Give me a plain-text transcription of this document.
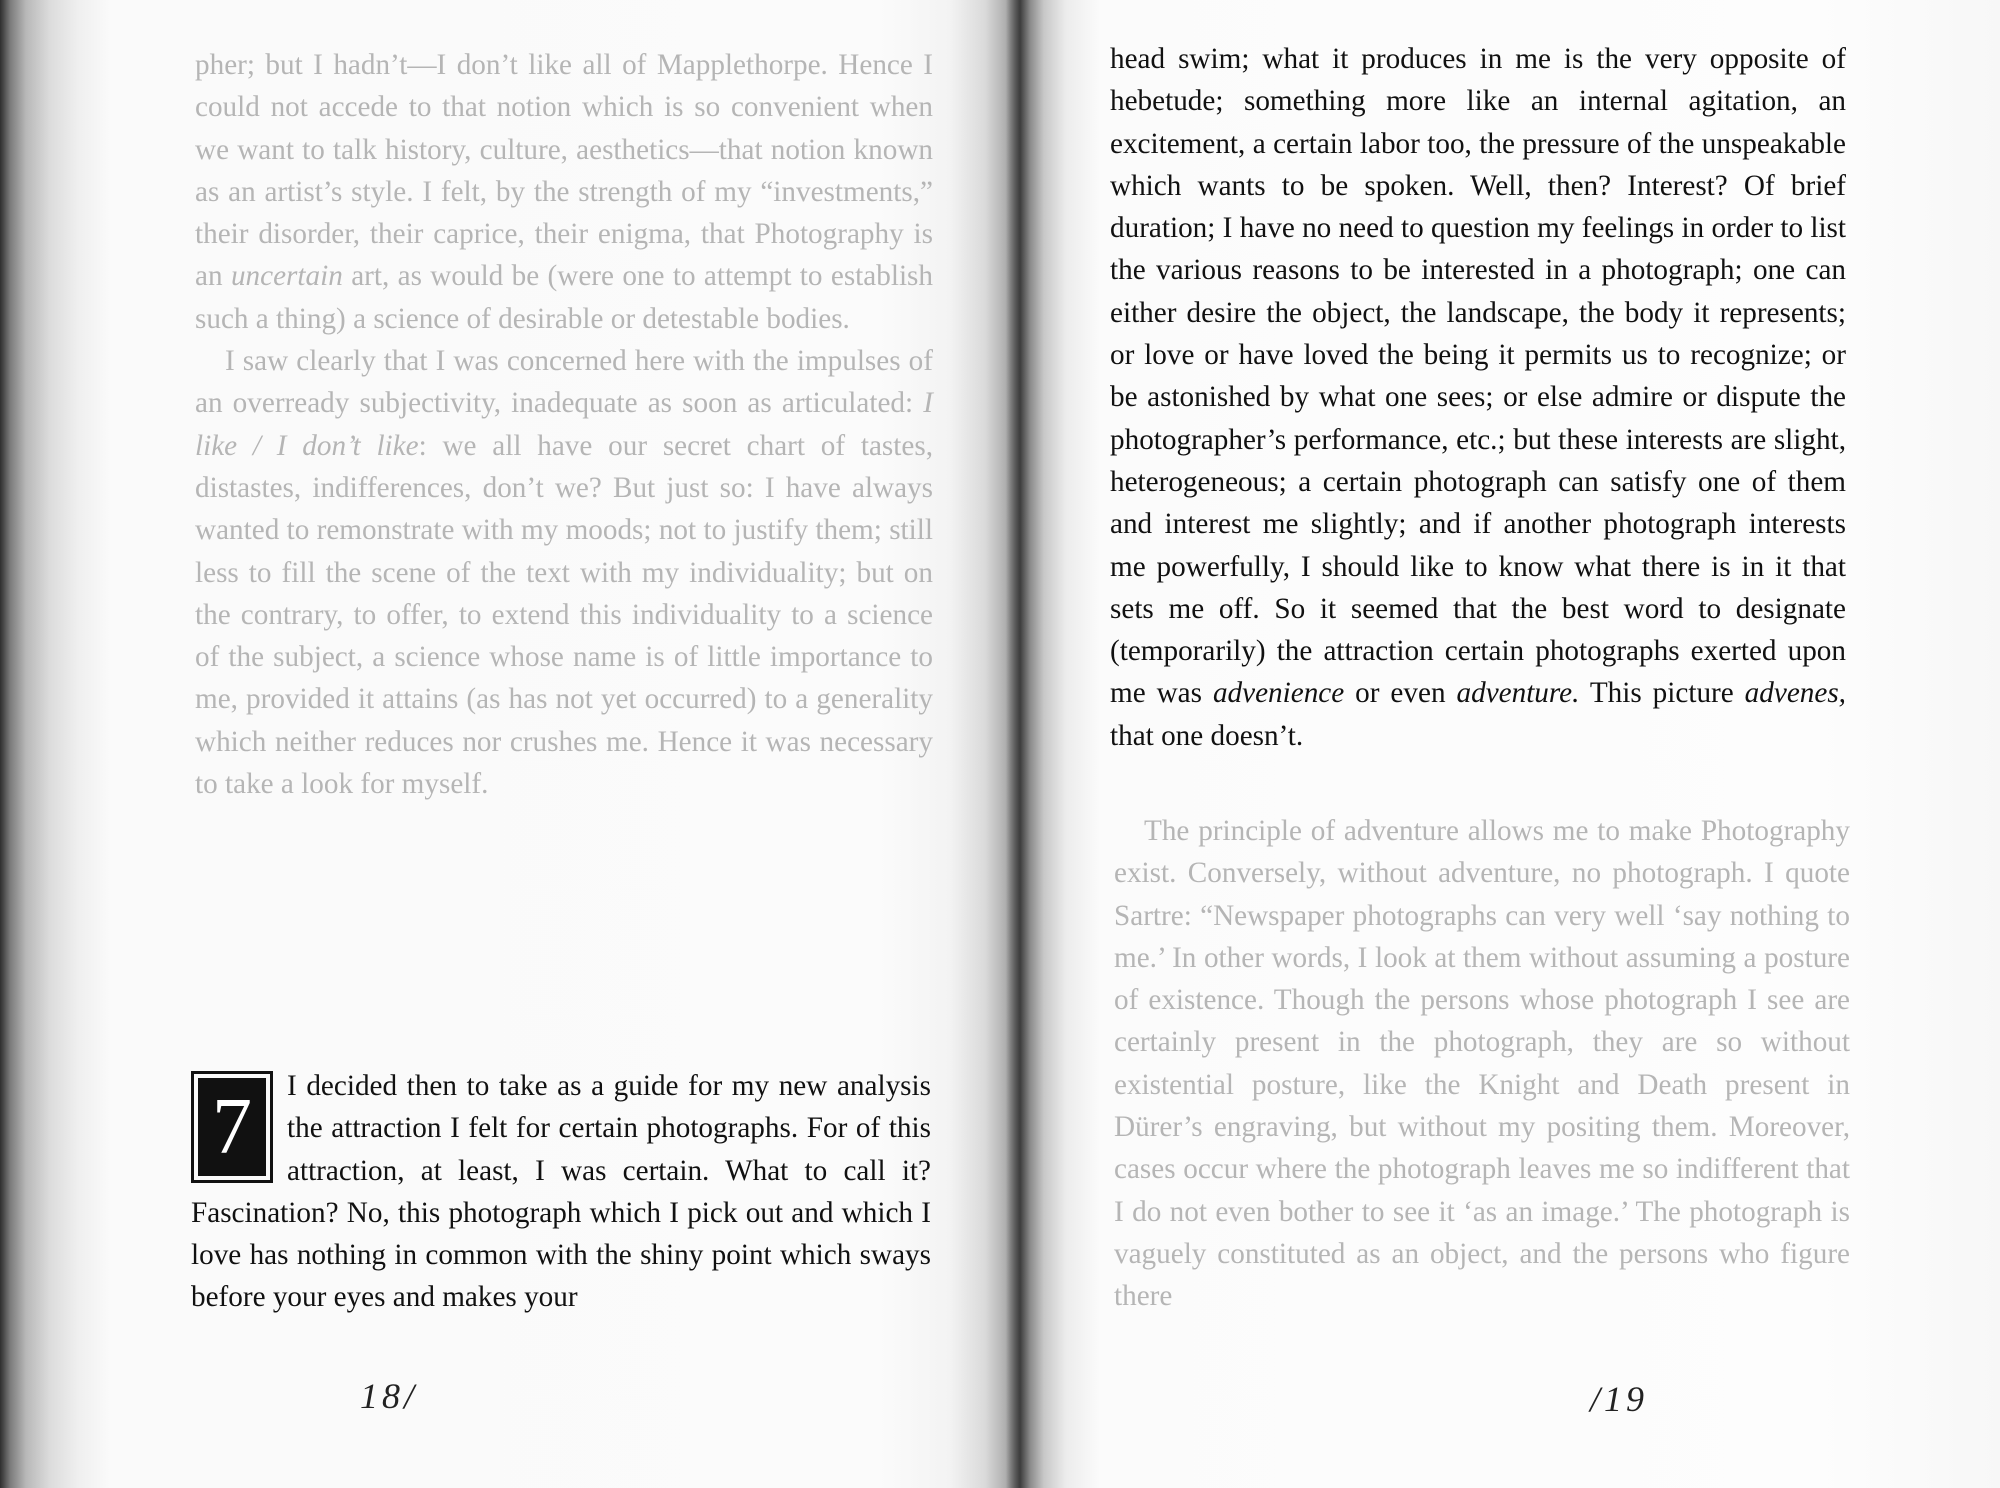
pher; but I hadn’t—I don’t like all of Mapplethorpe. Hence I could not accede to that notion which is so convenient when we want to talk history, culture, aesthetics—that notion known as an artist’s style. I felt, by the strength of my “investments,” their disorder, their caprice, their enigma, that Photography is an uncertain art, as would be (were one to attempt to establish such a thing) a science of desirable or detestable bodies.

I saw clearly that I was concerned here with the impulses of an overready subjectivity, inadequate as soon as articulated: I like / I don’t like: we all have our secret chart of tastes, distastes, indifferences, don’t we? But just so: I have always wanted to remonstrate with my moods; not to justify them; still less to fill the scene of the text with my individuality; but on the contrary, to offer, to extend this individuality to a science of the subject, a science whose name is of little importance to me, provided it attains (as has not yet occurred) to a generality which neither reduces nor crushes me. Hence it was necessary to take a look for myself.

7	I decided then to take as a guide for my new analysis the attraction I felt for certain photographs. For of this attraction, at least, I was certain. What to call it? Fascination? No, this photograph which I pick out and which I love has nothing in common with the shiny point which sways before your eyes and makes your

18/

head swim; what it produces in me is the very opposite of hebetude; something more like an internal agitation, an excitement, a certain labor too, the pressure of the unspeakable which wants to be spoken. Well, then? Interest? Of brief duration; I have no need to question my feelings in order to list the various reasons to be interested in a photograph; one can either desire the object, the landscape, the body it represents; or love or have loved the being it permits us to recognize; or be astonished by what one sees; or else admire or dispute the photographer’s performance, etc.; but these interests are slight, heterogeneous; a certain photograph can satisfy one of them and interest me slightly; and if another photograph interests me powerfully, I should like to know what there is in it that sets me off. So it seemed that the best word to designate (temporarily) the attraction certain photographs exerted upon me was advenience or even adventure. This picture advenes, that one doesn’t.

The principle of adventure allows me to make Photography exist. Conversely, without adventure, no photograph. I quote Sartre: “Newspaper photographs can very well ‘say nothing to me.’ In other words, I look at them without assuming a posture of existence. Though the persons whose photograph I see are certainly present in the photograph, they are so without existential posture, like the Knight and Death present in Dürer’s engraving, but without my positing them. Moreover, cases occur where the photograph leaves me so indifferent that I do not even bother to see it ‘as an image.’ The photograph is vaguely constituted as an object, and the persons who figure there

/19
